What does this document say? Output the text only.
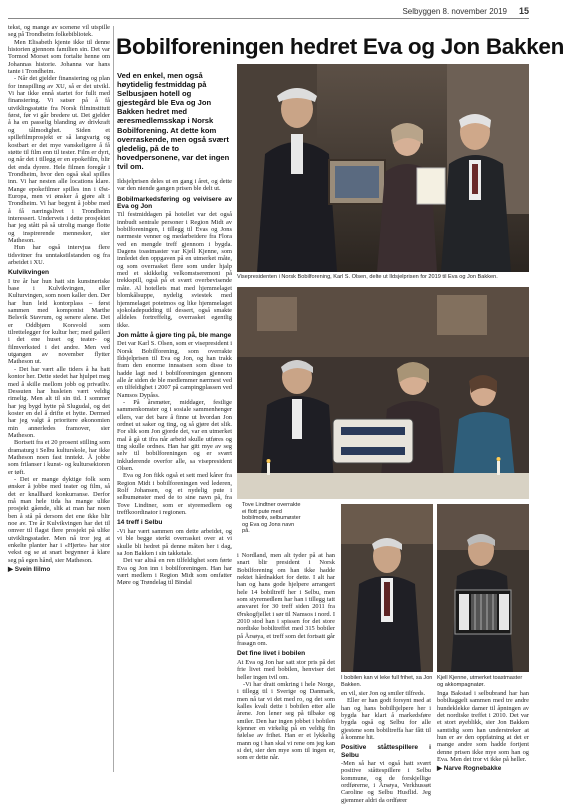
Selbyggen 8. november 2019 15

tekst, og mange av scenene vil utspille seg på Trondheim folkebibliotek.

Men Elisabeth kjente ikke til denne historien gjennom familien sin. Det var Tormod Morset som fortalte henne om Johannas historie. Johanna var hans tante i Trondheim.

- Når det gjelder finansiering og plan for innspilling av XU, så er det utvikl. Vi har ikke ennå startet for fullt med finansiering. Vi satser på å få utviklingsstøtte fra Norsk filminstitutt først, før vi går bredere ut. Det gjelder å ha en passelig blanding av drivkraft og tålmodighet. Siden et spillefilmprosjekt er så langvarig og kostbart er det mye vanskeligere å få støtte til film enn til tester. Film er dyrt, og når det i tillegg er en epokefilm, blir det enda dyrere. Hele filmen foregår i Trondheim, hvor den også skal spilles inn. Vi har nesten alle locations klare. Mange epokefilmer spilles inn i Øst-Europa, men vi ønsker å gjøre alt i Trondheim. Vi har begynt å jobbe med å få næringslivet i Trondheim interessert. Underveis i dette prosjektet har jeg stått på så utrolig mange flotte og inspirerende mennesker, sier Matheson.

Hun har også intervjua flere tidsvitner fra unntakstilstanden og fra arbeidet i XU.

Kulvikvingen

I tre år har hun hatt sin kunstneriske base i Kulvikvingen, eller Kulturvingen, som noen kaller den. Der har hun leid kontorplass – først sammen med komponist Marthe Belsvik Stavrum, og senere alene. Det er Oddbjørn Korsvold som tilrettelegger for kultur her; med galleri i det ene huset og teater- og filmverksted i det andre. Men ved utgangen av november flytter Matheson ut.

- Det har vært alle tiders å ha hatt kontor her. Dette stedet har hjulpet meg med å skille mellom jobb og privatliv. Dessuten har husleien vært veldig rimelig. Men alt til sin tid. I sommer har jeg bygd hytte på Slugudal, og det koster en del å drifte et hytte. Dermed har jeg valgt å prioritere økonomien min annerledes framover, sier Matheson.

Bortsett fra et 20 prosent stilling som dramaturg i Selbu kulturskole, har ikke Matheson noen fast inntekt. Å jobbe som frilanser i kunst- og kultursektoren er tøft.

- Det er mange dyktige folk som ønsker å jobbe med teater og film, så det er knallhard konkurranse. Derfor må man hele tida ha mange ulike prosjekt gående, slik at man har noen ben å stå på dersom det ene ikke blir noe av. Tre år Kulvikvingen har det til omver til flagst flere prosjekt på ulike utviklingsstader. Men nå tror jeg at enkelte planter har i «Hjerte» har stor vekst og se at snart begynner å klare seg på egen hånd, sier Matheson.

▶ Svein Ililmo
Bobilforeningen hedret Eva og Jon Bakken
Ved en enkel, men også høytidelig festmiddag på Selbusjøen hotell og gjestegård ble Eva og Jon Bakken hedret med æresmedlemsskap i Norsk Bobilforening. At dette kom overraskende, men også svært gledelig, på de to hovedpersonene, var det ingen tvil om.
Visepresidenten i Norsk Bobilforening, Karl S. Olsen, delte ut Ildsjelprisen for 2019 til Eva og Jon Bakken.
Tove Lindtner overrakte ei flott pute med bobilmotiv, selbumøster og Eva og Jons navn på.

Ildsjelprisen deles ut en gang i året, og dette var den niende gangen prisen ble delt ut.

Bobilmarkedsføring og veivisere av Eva og Jon

Til festmiddagen på hotellet var det også innbudt sentrale personer i Region Midt av bobilforeningen, i tillegg til Evas og Jons nærmeste venner og medarbeidere fra Flora ved en mengde treff gjennom i bygda. Dagens toastmaster var Kjell Kjenne, som innledet den oppgaven på en utmerket måte, og som overrasket flere som under hjalp med et skikkelig velkomstseremoni på trekkspill, også på et svært overbevisende måte. Al hotellets mat med hjemmelaget blomkålsuppe, nydelig sviestek med hjemmelaget potetmos og like hjemmelaget sjokoladepudding til dessert, også smakte alldeles fortreffelig, overrasket egentlig ikke.

Jon måtte å gjøre ting på, ble mange

Det var Karl S. Olsen, som er visepresident i Norsk Bobilforening, som overrakte Ildsjelprisen til Eva og Jon, og han trakk fram den enorme innsatsen som disse to hadde lagt ned i bobilforeningen gjennom alle år siden de ble medlemmer nærmest ved en tilfeldighet i 2007 på campingplassen ved Namsos Dypåss.

- På årsmøter, middager, festlige sammenkomster og i sosiale sammenhenger ellers, var det bare å finne ut hvordan Jon ordnet ut saker og ting, og så gjøre det slik. For slik som Jon gjorde det, var en utmerket mal å gå ut ifra når arbeid skulle utføres og ting skulle ordnes. Han har gitt mye av seg selv til bobilforeningen og er svært inkluderende overfor alle, sa visepresident Olsen.

Eva og Jon fikk også et sett med kårer fra Region Midt i bobilforeningen ved lederen, Rolf Johansen, og et nydelig pute i selbumønster med de to sine navn på, fra Tove Lindtner, som er styremedlem og treffkoordinator i regionen.

14 treff i Selbu

-Vi har vært sammen om dette arbeidet, og vi ble begge sterkt overrasket over at vi skulle bli hedret på denne måten her i dag, sa Jon Bakken i sin takketale.

Det var altså en ren tilfeldighet som førte Eva og Jon inn i bobilforeningen. Han har vært medlem i Region Midt som omfatter Møre og Trøndelag til Bindal

i Nordland, men alt tyder på at han snart blir president i Norsk Bobilforening om han ikke hadde nektet hårdnakket for dette. I alt har han og hans gode hjelpere arrangert hele 14 bobiltreff her i Selbu, men som styremedlem har han i tillegg tatt ansvaret for 30 treff siden 2011 fra Ørskogfjellet i sør til Namsos i nord. I 2010 stod han i spissen for det store nordiske bobiltreffet med 315 bobiler på Årsøya, et treff som det fortsatt går frasagn om.

Det fine livet i bobilen

At Eva og Jon har satt stor pris på det frie livet med bobilen, henviser det heller ingen tvil om.

-Vi har dratt omkring i hele Norge, i tillegg til i Sverige og Danmark, men nå tar vi det med ro, og det som kalles kvali dette i bobilen etter alle årene. Jon lener seg på tilbake og smiler. Den har ingen jobbet i bobilen kjenner en virkelig på en veldig fin følelse av frihet. Han er et lykkelig mann og i han skal vi rene om jeg kan si det, sier den mye som til ingen er, som er dette når.

I bobilen kan vi leke full frihet, sa Jon Bakken.
Kjell Kjenne, utmerket toastmaster og akkompagnatør.

en vil, sier Jon og smiler tilfreds.

Eller er han godt forsynt med at han og hans bobilhjelpere her i bygda har klart å markedsføre bygda også og Selbu for alle gjestene som bobiltreffa har fått til å komme hit.

Positive ståttespillere i Selbu

-Men så har vi også hatt svært positive ståttespillere i Selbu kommune, og de forskjellige ordførerne, i Årsøya, Verkhussøt Caroline og Selbu Husflid. Jeg gjemmer aldri da ordfører

Inga Bakstad i selbubrand har han bobiltaggelt sammen med tre andre hundeklekke damer til åpningen av det nordiske treffet i 2010. Det var et stort øyeblikk, sier Jon Bakken samtidig som han understreker at hun er av den oppfatning at det er mange andre som hadde fortjent denne prisen ikke mye som han og Eva. Men det tror vi ikke på heller.

▶ Narve Rognebakke
